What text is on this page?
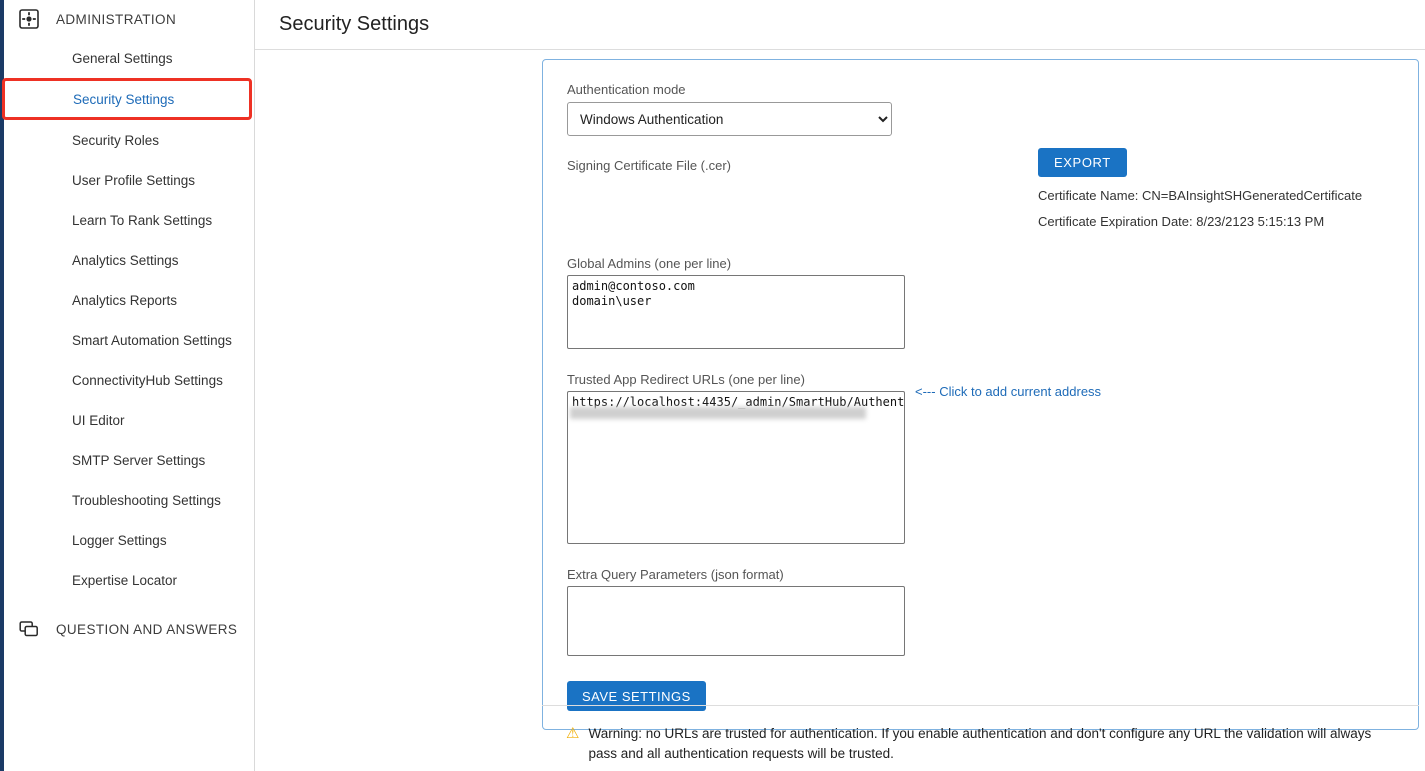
ADMINISTRATION
General Settings
Security Settings
Security Roles
User Profile Settings
Learn To Rank Settings
Analytics Settings
Analytics Reports
Smart Automation Settings
ConnectivityHub Settings
UI Editor
SMTP Server Settings
Troubleshooting Settings
Logger Settings
Expertise Locator
QUESTION AND ANSWERS
Security Settings
Authentication mode
Windows Authentication
Signing Certificate File (.cer)	EXPORT
Certificate Name: CN=BAInsightSHGeneratedCertificate
Certificate Expiration Date: 8/23/2123 5:15:13 PM
Global Admins (one per line)
admin@contoso.com domain\user
Trusted App Redirect URLs (one per line)
https://localhost:4435/_admin/SmartHub/Authenticat
<--- Click to add current address
Extra Query Parameters (json format)
SAVE SETTINGS
⚠ Warning: no URLs are trusted for authentication. If you enable authentication and don't configure any URL the validation will always pass and all authentication requests will be trusted.
